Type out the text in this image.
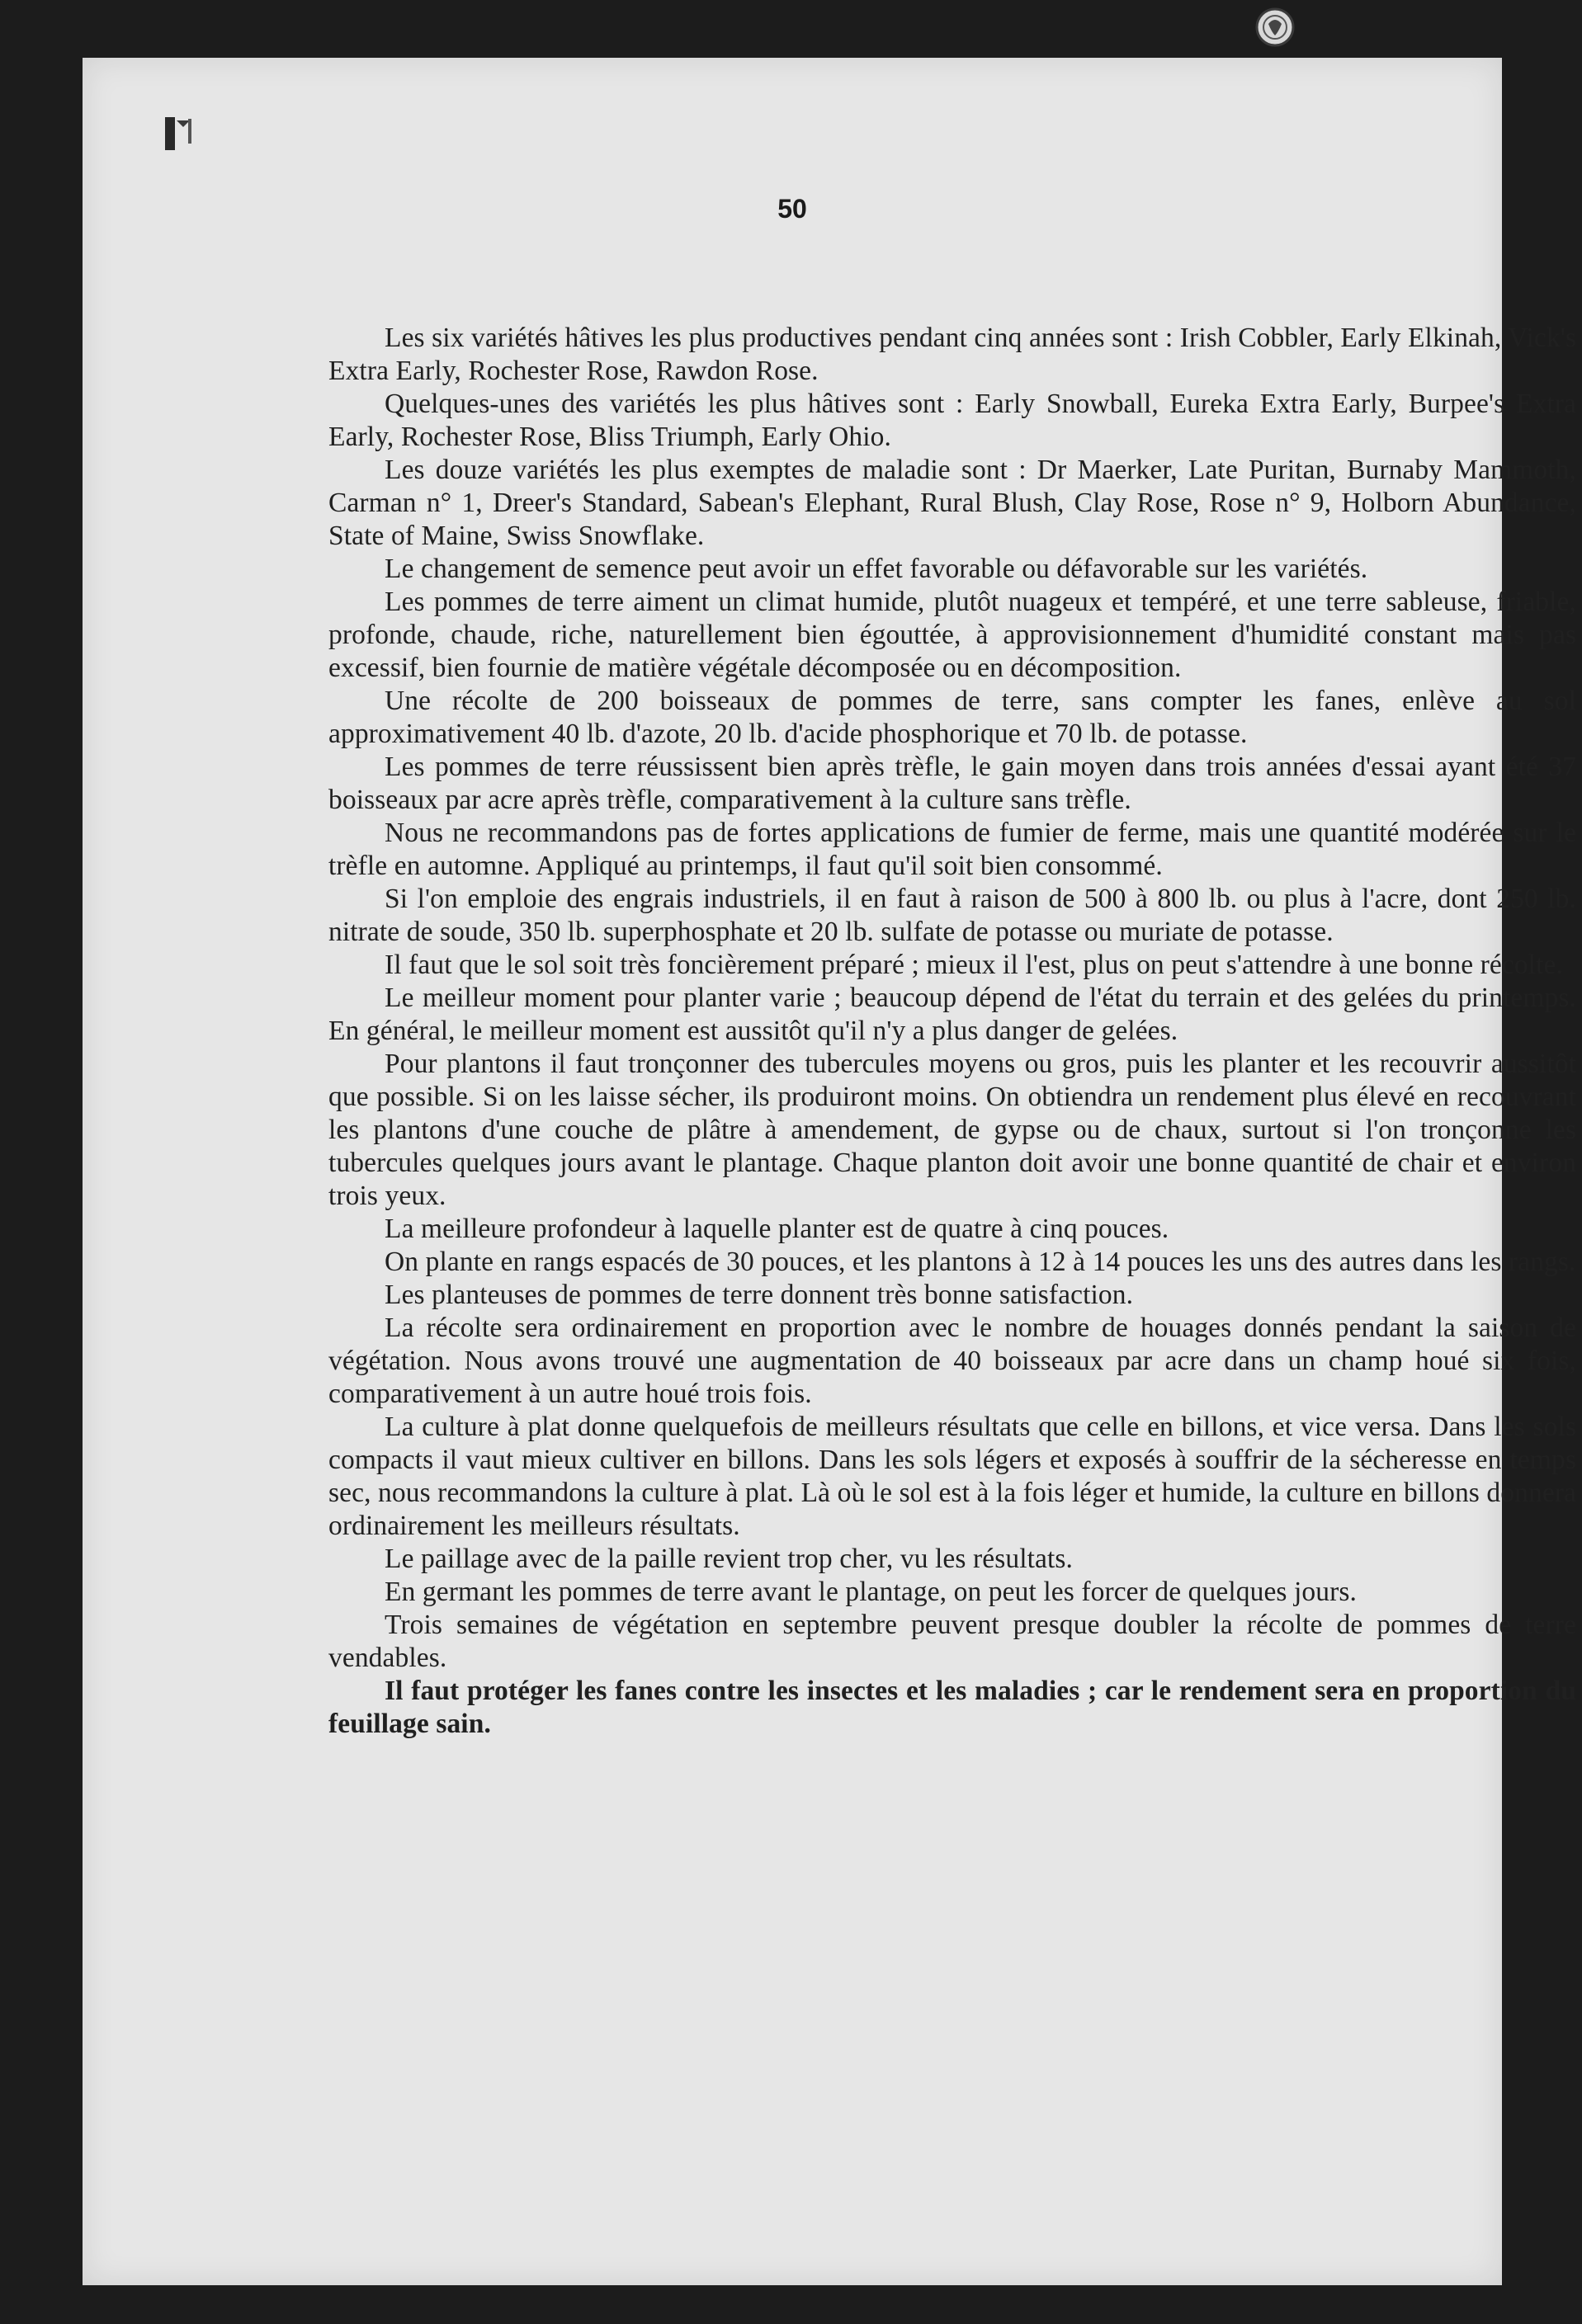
50

Les six variétés hâtives les plus productives pendant cinq années sont : Irish Cobbler, Early Elkinah, Vick's Extra Early, Rochester Rose, Rawdon Rose.

Quelques-unes des variétés les plus hâtives sont : Early Snowball, Eureka Extra Early, Burpee's Extra Early, Rochester Rose, Bliss Triumph, Early Ohio.

Les douze variétés les plus exemptes de maladie sont : Dr Maerker, Late Puritan, Burnaby Mammoth, Carman n° 1, Dreer's Standard, Sabean's Elephant, Rural Blush, Clay Rose, Rose n° 9, Holborn Abundance, State of Maine, Swiss Snowflake.

Le changement de semence peut avoir un effet favorable ou défavorable sur les variétés.

Les pommes de terre aiment un climat humide, plutôt nuageux et tempéré, et une terre sableuse, friable, profonde, chaude, riche, naturellement bien égouttée, à approvisionnement d'humidité constant mais pas excessif, bien fournie de matière végétale décomposée ou en décomposition.

Une récolte de 200 boisseaux de pommes de terre, sans compter les fanes, enlève au sol approximativement 40 lb. d'azote, 20 lb. d'acide phosphorique et 70 lb. de potasse.

Les pommes de terre réussissent bien après trèfle, le gain moyen dans trois années d'essai ayant été 37 boisseaux par acre après trèfle, comparativement à la culture sans trèfle.

Nous ne recommandons pas de fortes applications de fumier de ferme, mais une quantité modérée sur le trèfle en automne. Appliqué au printemps, il faut qu'il soit bien consommé.

Si l'on emploie des engrais industriels, il en faut à raison de 500 à 800 lb. ou plus à l'acre, dont 250 lb. nitrate de soude, 350 lb. superphosphate et 20 lb. sulfate de potasse ou muriate de potasse.

Il faut que le sol soit très foncièrement préparé ; mieux il l'est, plus on peut s'attendre à une bonne récolte.

Le meilleur moment pour planter varie ; beaucoup dépend de l'état du terrain et des gelées du printemps. En général, le meilleur moment est aussitôt qu'il n'y a plus danger de gelées.

Pour plantons il faut tronçonner des tubercules moyens ou gros, puis les planter et les recouvrir aussitôt que possible. Si on les laisse sécher, ils produiront moins. On obtiendra un rendement plus élevé en recouvrant les plantons d'une couche de plâtre à amendement, de gypse ou de chaux, surtout si l'on tronçonne les tubercules quelques jours avant le plantage. Chaque planton doit avoir une bonne quantité de chair et environ trois yeux.

La meilleure profondeur à laquelle planter est de quatre à cinq pouces.

On plante en rangs espacés de 30 pouces, et les plantons à 12 à 14 pouces les uns des autres dans les rangs.

Les planteuses de pommes de terre donnent très bonne satisfaction.

La récolte sera ordinairement en proportion avec le nombre de houages donnés pendant la saison de végétation. Nous avons trouvé une augmentation de 40 boisseaux par acre dans un champ houé six fois, comparativement à un autre houé trois fois.

La culture à plat donne quelquefois de meilleurs résultats que celle en billons, et vice versa. Dans les sols compacts il vaut mieux cultiver en billons. Dans les sols légers et exposés à souffrir de la sécheresse en temps sec, nous recommandons la culture à plat. Là où le sol est à la fois léger et humide, la culture en billons donnera ordinairement les meilleurs résultats.

Le paillage avec de la paille revient trop cher, vu les résultats.

En germant les pommes de terre avant le plantage, on peut les forcer de quelques jours.

Trois semaines de végétation en septembre peuvent presque doubler la récolte de pommes de terre vendables.

Il faut protéger les fanes contre les insectes et les maladies ; car le rendement sera en proportion du feuillage sain.
